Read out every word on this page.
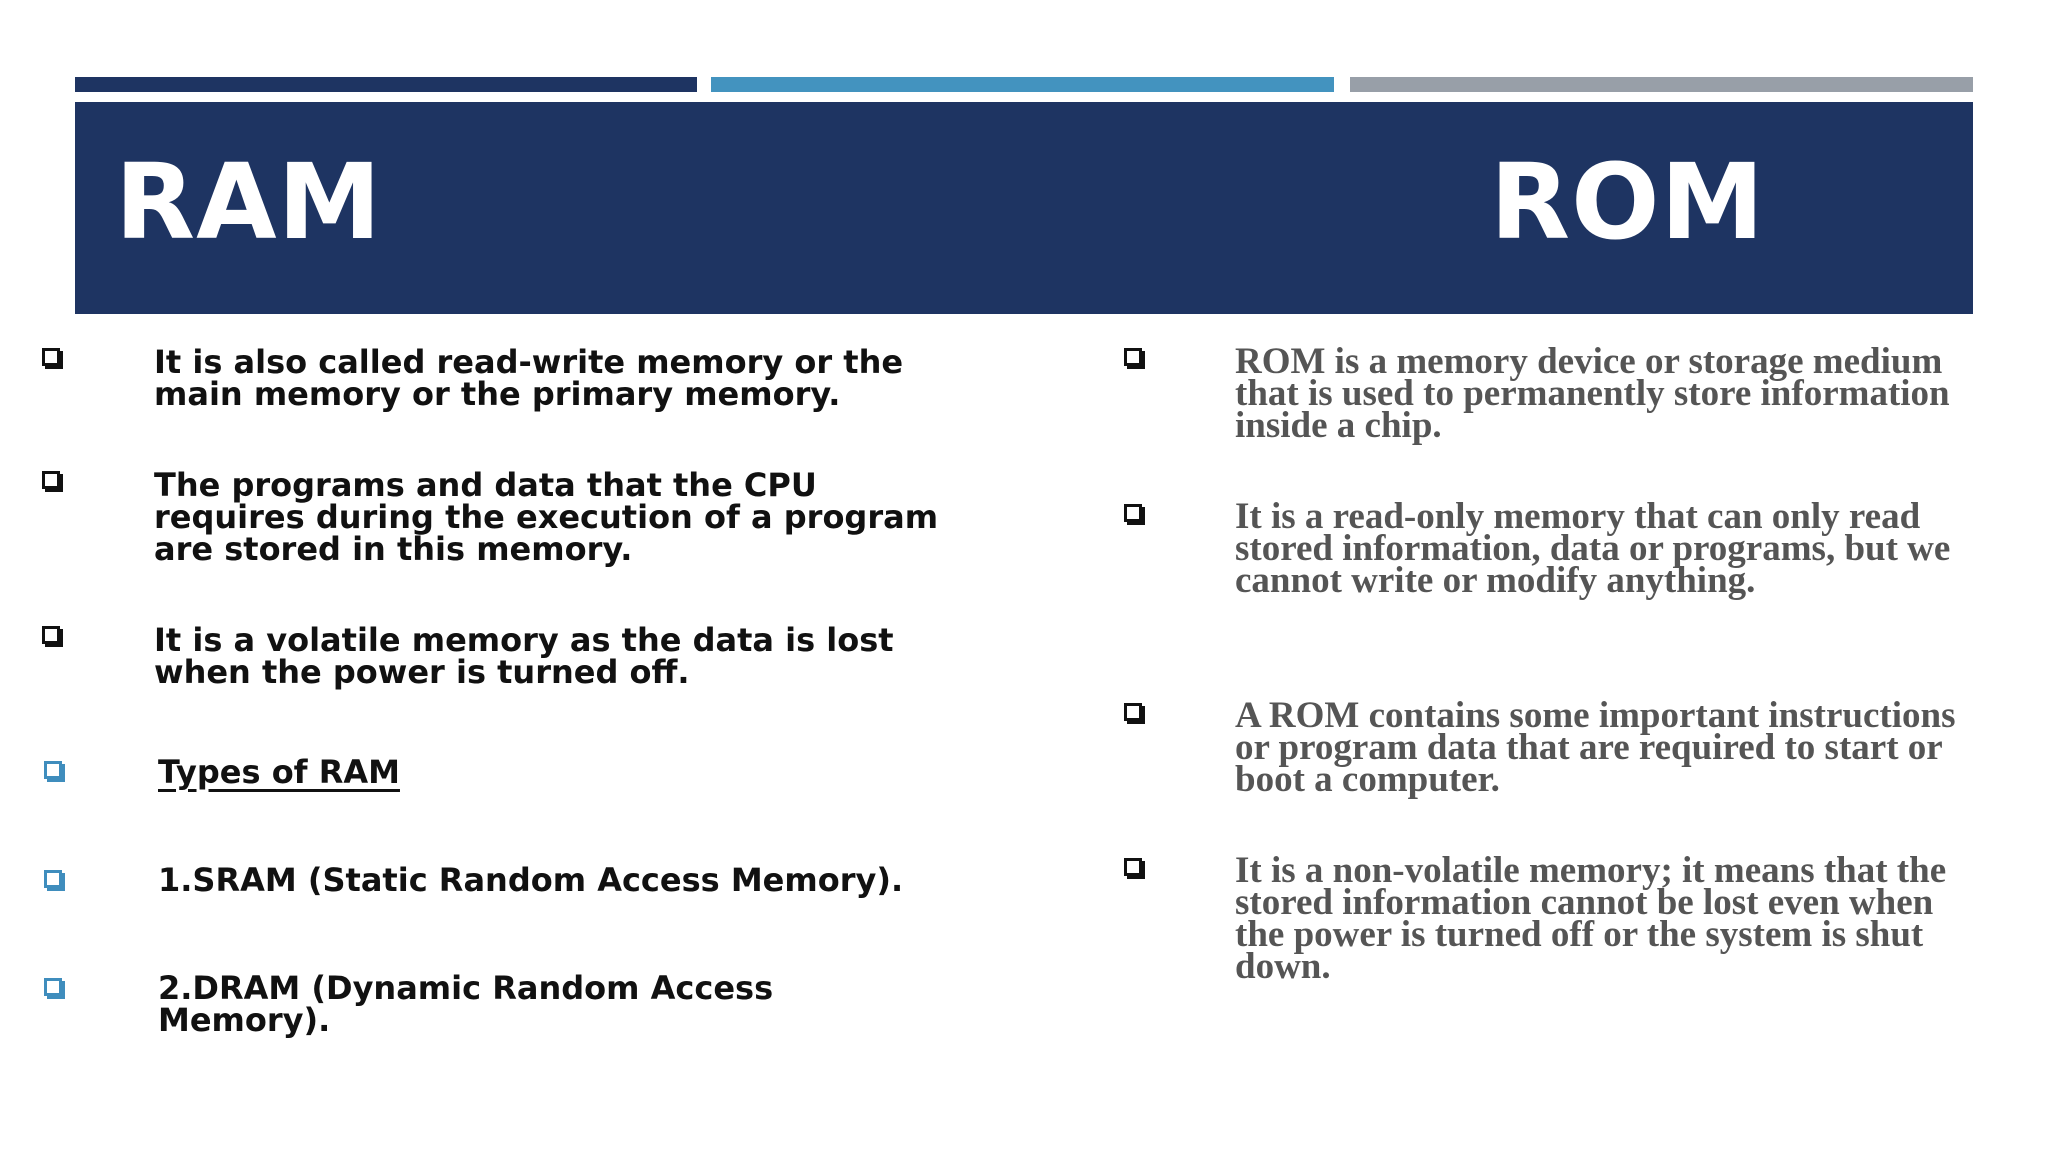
RAM	ROM
It is also called read-write memory or the
main memory or the primary memory.
The programs and data that the CPU
requires during the execution of a program
are stored in this memory.
It is a volatile memory as the data is lost
when the power is turned off.
Types of RAM
1.SRAM (Static Random Access Memory).
2.DRAM (Dynamic Random Access
Memory).
ROM is a memory device or storage medium
that is used to permanently store information
inside a chip.
It is a read-only memory that can only read
stored information, data or programs, but we
cannot write or modify anything.
A ROM contains some important instructions
or program data that are required to start or
boot a computer.
It is a non-volatile memory; it means that the
stored information cannot be lost even when
the power is turned off or the system is shut
down.
